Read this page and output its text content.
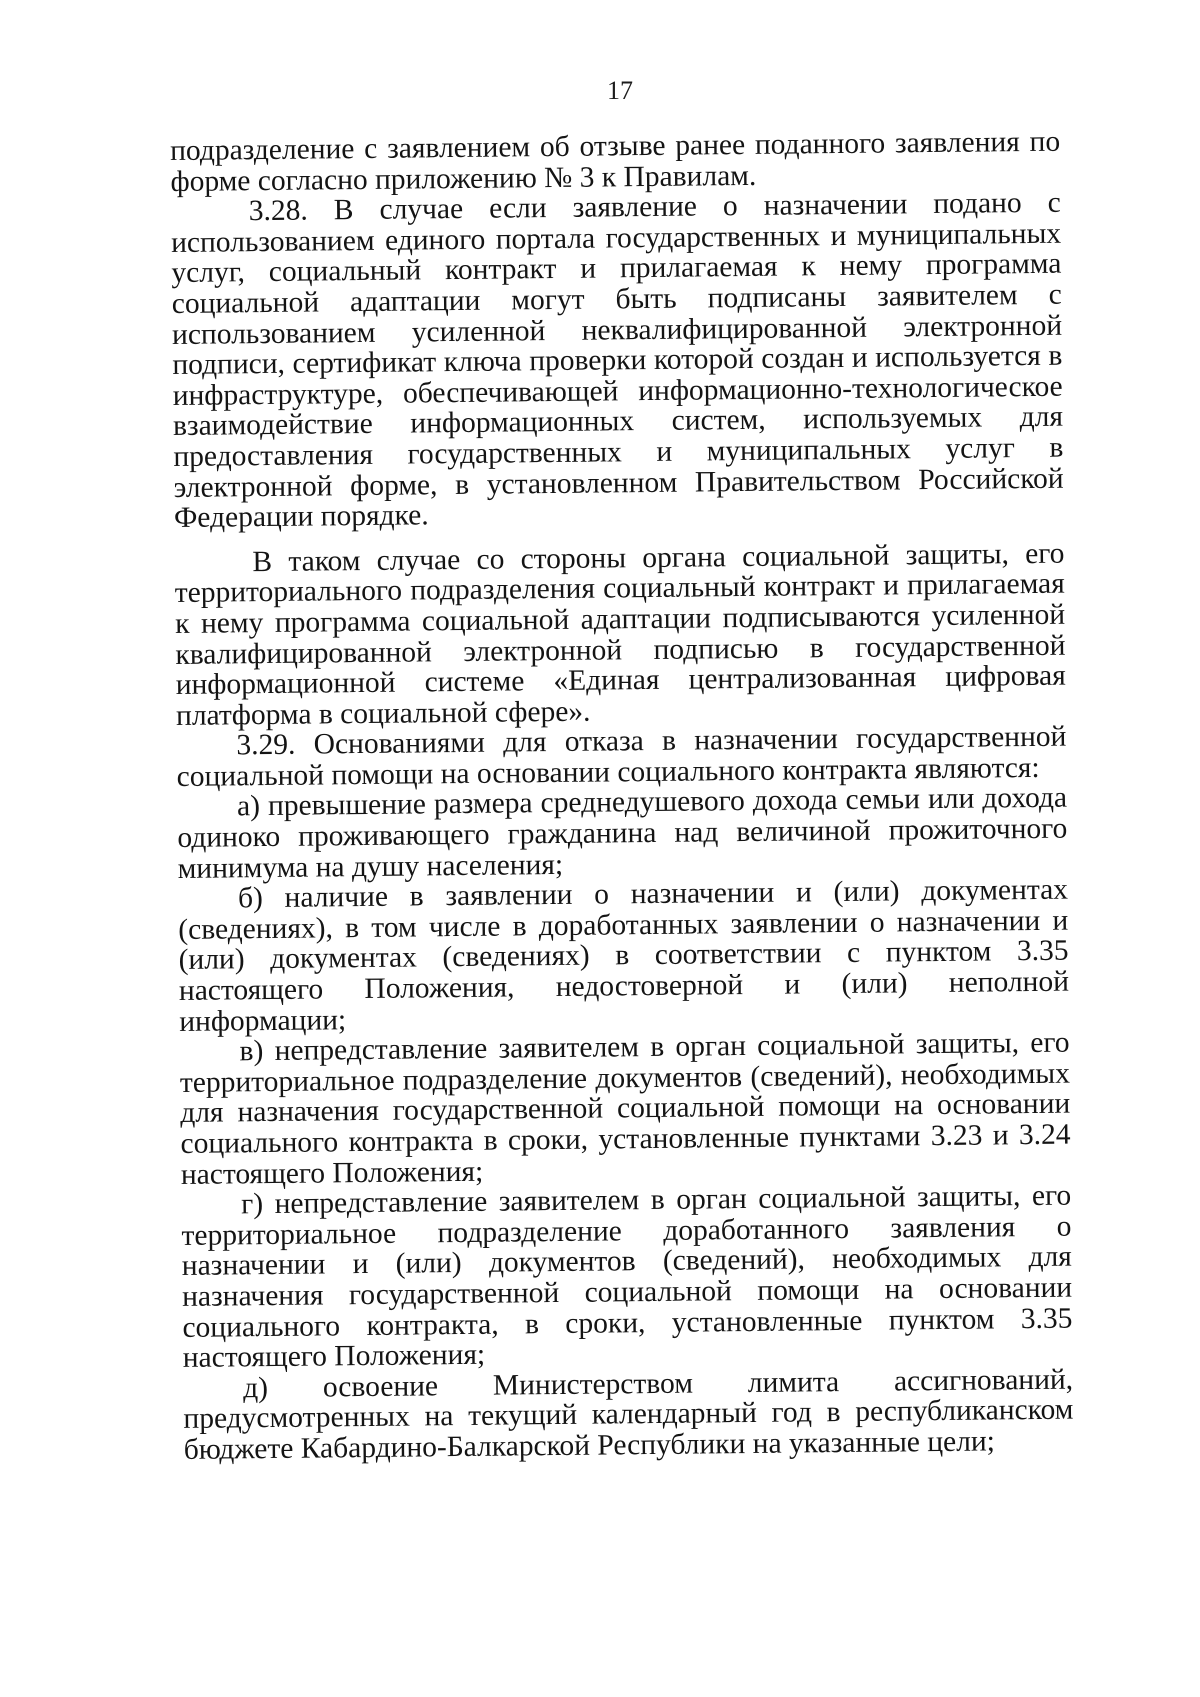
17

подразделение с заявлением об отзыве ранее поданного заявления по форме согласно приложению № 3 к Правилам.

3.28. В случае если заявление о назначении подано с использованием единого портала государственных и муниципальных услуг, социальный контракт и прилагаемая к нему программа социальной адаптации могут быть подписаны заявителем с использованием усиленной неквалифицированной электронной подписи, сертификат ключа проверки которой создан и используется в инфраструктуре, обеспечивающей информационно-технологическое взаимодействие информационных систем, используемых для предоставления государственных и муниципальных услуг в электронной форме, в установленном Правительством Российской Федерации порядке.

В таком случае со стороны органа социальной защиты, его территориального подразделения социальный контракт и прилагаемая к нему программа социальной адаптации подписываются усиленной квалифицированной электронной подписью в государственной информационной системе «Единая централизованная цифровая платформа в социальной сфере».

3.29. Основаниями для отказа в назначении государственной социальной помощи на основании социального контракта являются:

а) превышение размера среднедушевого дохода семьи или дохода одиноко проживающего гражданина над величиной прожиточного минимума на душу населения;

б) наличие в заявлении о назначении и (или) документах (сведениях), в том числе в доработанных заявлении о назначении и (или) документах (сведениях) в соответствии с пунктом 3.35 настоящего Положения, недостоверной и (или) неполной информации;

в) непредставление заявителем в орган социальной защиты, его территориальное подразделение документов (сведений), необходимых для назначения государственной социальной помощи на основании социального контракта в сроки, установленные пунктами 3.23 и 3.24 настоящего Положения;

г) непредставление заявителем в орган социальной защиты, его территориальное подразделение доработанного заявления о назначении и (или) документов (сведений), необходимых для назначения государственной социальной помощи на основании социального контракта, в сроки, установленные пунктом 3.35 настоящего Положения;

д) освоение Министерством лимита ассигнований, предусмотренных на текущий календарный год в республиканском бюджете Кабардино-Балкарской Республики на указанные цели;
